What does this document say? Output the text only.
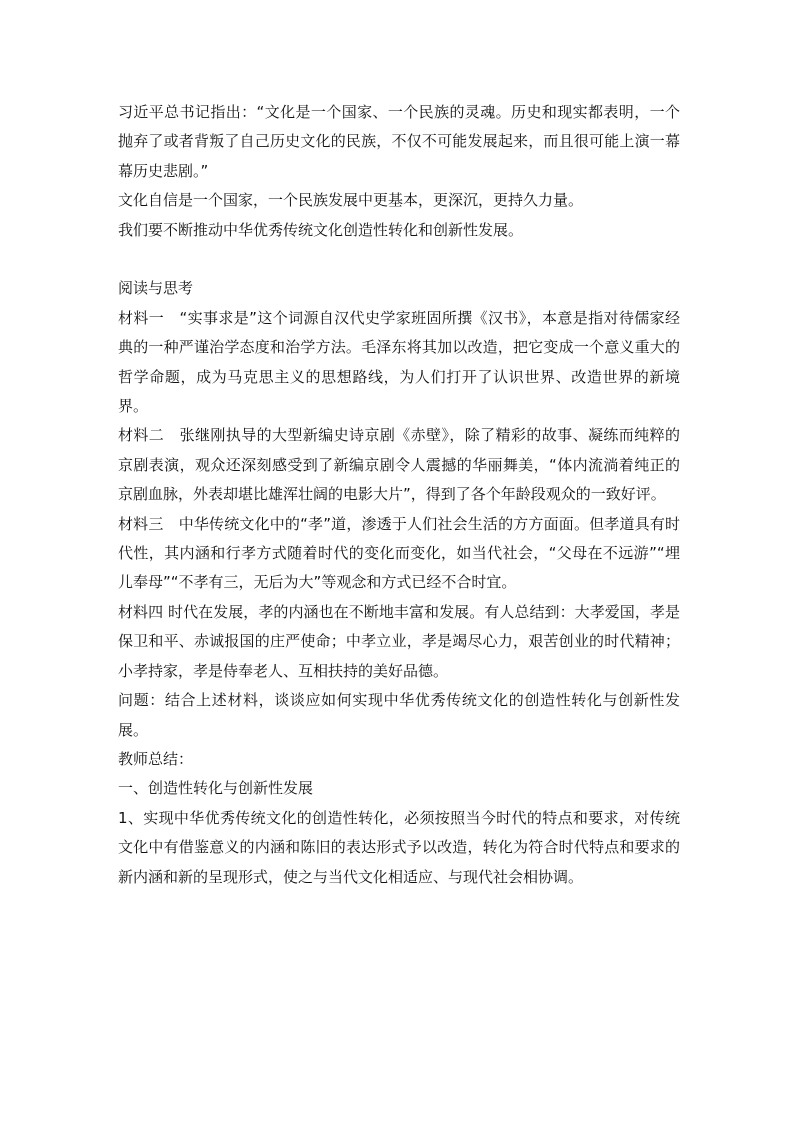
习近平总书记指出：“文化是一个国家、一个民族的灵魂。历史和现实都表明，一个抛弃了或者背叛了自己历史文化的民族，不仅不可能发展起来，而且很可能上演一幕幕历史悲剧。”

文化自信是一个国家，一个民族发展中更基本，更深沉，更持久力量。

我们要不断推动中华优秀传统文化创造性转化和创新性发展。

阅读与思考

材料一　“实事求是”这个词源自汉代史学家班固所撰《汉书》，本意是指对待儒家经典的一种严谨治学态度和治学方法。毛泽东将其加以改造，把它变成一个意义重大的哲学命题，成为马克思主义的思想路线，为人们打开了认识世界、改造世界的新境界。

材料二　张继刚执导的大型新编史诗京剧《赤壁》，除了精彩的故事、凝练而纯粹的京剧表演，观众还深刻感受到了新编京剧令人震撼的华丽舞美，“体内流淌着纯正的京剧血脉，外表却堪比雄浑壮阔的电影大片”，得到了各个年龄段观众的一致好评。

材料三　中华传统文化中的“孝”道，渗透于人们社会生活的方方面面。但孝道具有时代性，其内涵和行孝方式随着时代的变化而变化，如当代社会，“父母在不远游”“埋儿奉母”“不孝有三，无后为大”等观念和方式已经不合时宜。

材料四 时代在发展，孝的内涵也在不断地丰富和发展。有人总结到：大孝爱国，孝是保卫和平、赤诚报国的庄严使命；中孝立业，孝是竭尽心力，艰苦创业的时代精神；小孝持家，孝是侍奉老人、互相扶持的美好品德。

问题：结合上述材料，谈谈应如何实现中华优秀传统文化的创造性转化与创新性发展。

教师总结：

一、创造性转化与创新性发展

1、实现中华优秀传统文化的创造性转化，必须按照当今时代的特点和要求，对传统文化中有借鉴意义的内涵和陈旧的表达形式予以改造，转化为符合时代特点和要求的新内涵和新的呈现形式，使之与当代文化相适应、与现代社会相协调。
